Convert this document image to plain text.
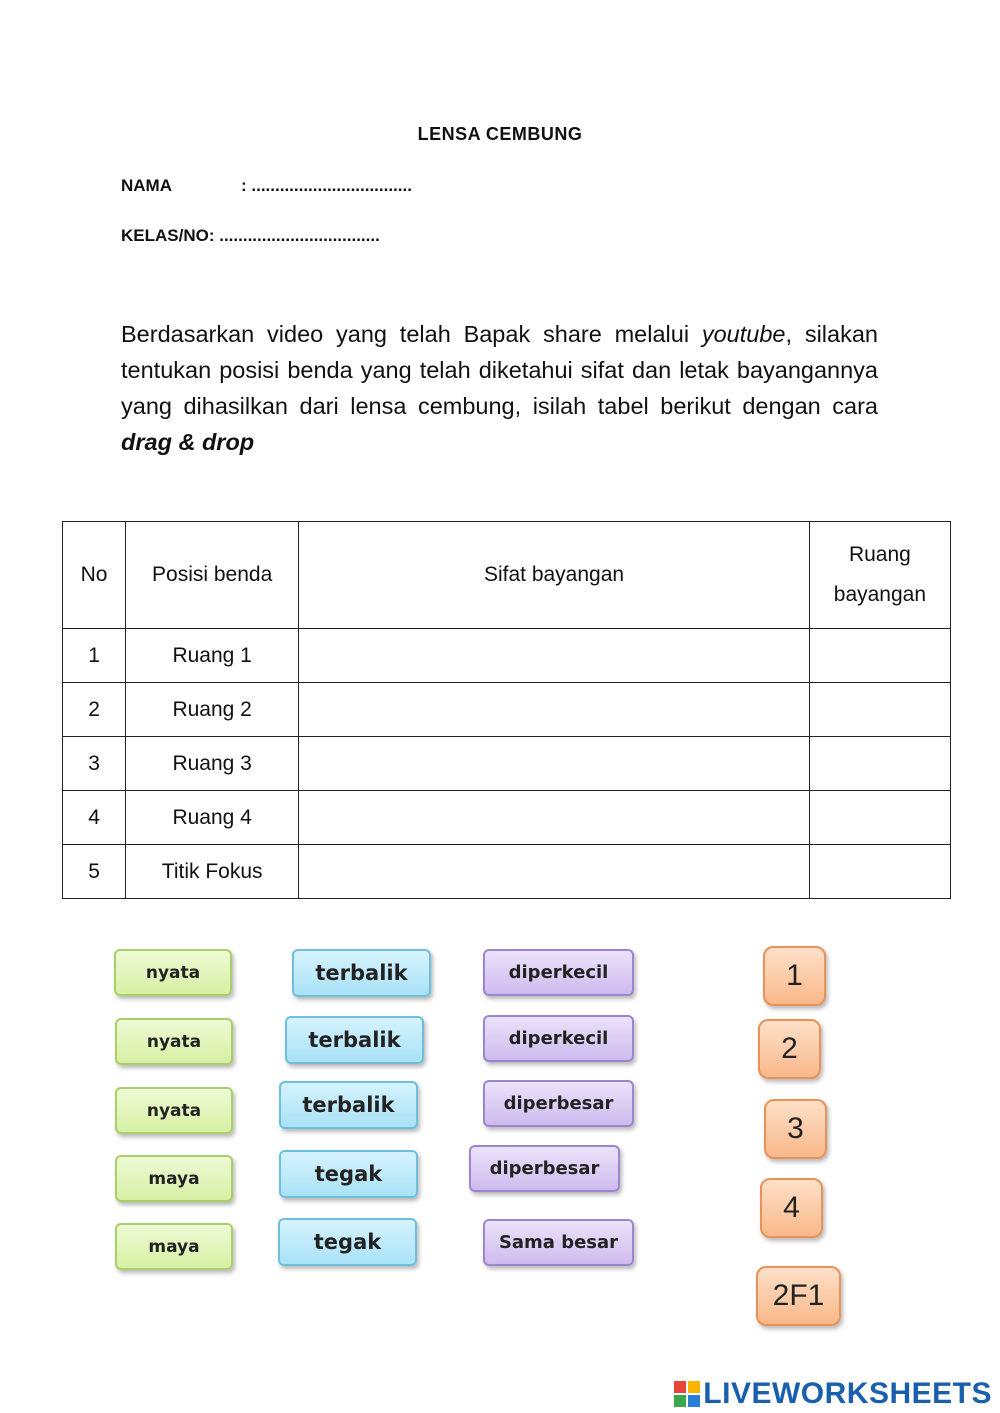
LENSA CEMBUNG
NAMA	: ..................................
KELAS/NO: ..................................
Berdasarkan video yang telah Bapak share melalui youtube, silakan tentukan posisi benda yang telah diketahui sifat dan letak bayangannya yang dihasilkan dari lensa cembung, isilah tabel berikut dengan cara drag & drop
No	Posisi benda	Sifat bayangan	Ruang
bayangan

1	Ruang 1		
2	Ruang 2		
3	Ruang 3		
4	Ruang 4		
5	Titik Fokus		
nyata
nyata
nyata
maya
maya
terbalik
terbalik
terbalik
tegak
tegak
diperkecil
diperkecil
diperbesar
diperbesar
Sama besar
1
2
3
4
2F1
LIVEWORKSHEETS
